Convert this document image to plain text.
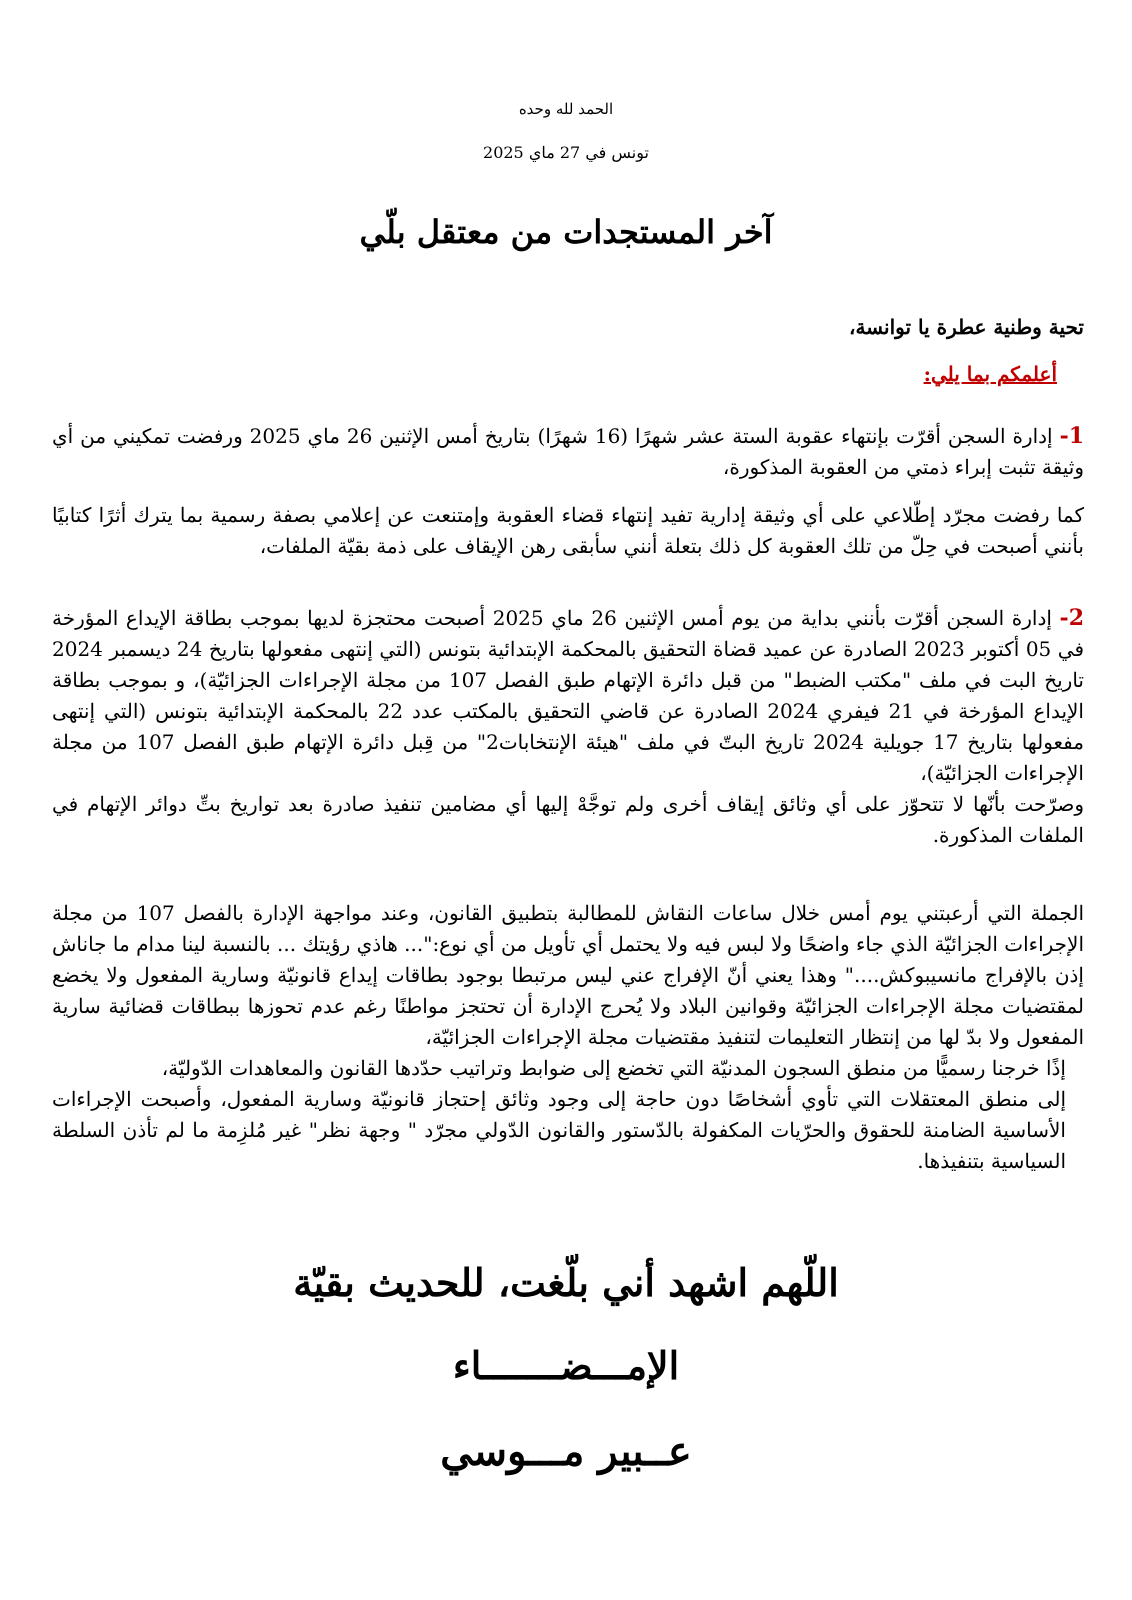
الحمد لله وحده
تونس في 27 ماي 2025
آخر المستجدات من معتقل بلّي
تحية وطنية عطرة يا توانسة،
أعلمكم بما يلي:

1- إدارة السجن أقرّت بإنتهاء عقوبة الستة عشر شهرًا (16 شهرًا) بتاريخ أمس الإثنين 26 ماي 2025 ورفضت تمكيني من أي وثيقة تثبت إبراء ذمتي من العقوبة المذكورة،

كما رفضت مجرّد إطّلاعي على أي وثيقة إدارية تفيد إنتهاء قضاء العقوبة وإمتنعت عن إعلامي بصفة رسمية بما يترك أثرًا كتابيًا بأنني أصبحت في حِلّ من تلك العقوبة كل ذلك بتعلة أنني سأبقى رهن الإيقاف على ذمة بقيّة الملفات،

2- إدارة السجن أقرّت بأنني بداية من يوم أمس الإثنين 26 ماي 2025 أصبحت محتجزة لديها بموجب بطاقة الإيداع المؤرخة في 05 أكتوبر 2023 الصادرة عن عميد قضاة التحقيق بالمحكمة الإبتدائية بتونس (التي إنتهى مفعولها بتاريخ 24 ديسمبر 2024 تاريخ البت في ملف "مكتب الضبط" من قبل دائرة الإتهام طبق الفصل 107 من مجلة الإجراءات الجزائيّة)، و بموجب بطاقة الإيداع المؤرخة في 21 فيفري 2024 الصادرة عن قاضي التحقيق بالمكتب عدد 22 بالمحكمة الإبتدائية بتونس (التي إنتهى مفعولها بتاريخ 17 جويلية 2024 تاريخ البتّ في ملف "هيئة الإنتخابات2" من قِبل دائرة الإتهام طبق الفصل 107 من مجلة الإجراءات الجزائيّة)،

وصرّحت بأنّها لا تتحوّز على أي وثائق إيقاف أخرى ولم توجَّهْ إليها أي مضامين تنفيذ صادرة بعد تواريخ بتِّ دوائر الإتهام في الملفات المذكورة.

الجملة التي أرعبتني يوم أمس خلال ساعات النقاش للمطالبة بتطبيق القانون، وعند مواجهة الإدارة بالفصل 107 من مجلة الإجراءات الجزائيّة الذي جاء واضحًا ولا لبس فيه ولا يحتمل أي تأويل من أي نوع:"... هاذي رؤيتك ... بالنسبة لينا مدام ما جاناش إذن بالإفراج مانسيبوكش...." وهذا يعني أنّ الإفراج عني ليس مرتبطا بوجود بطاقات إيداع قانونيّة وسارية المفعول ولا يخضع لمقتضيات مجلة الإجراءات الجزائيّة وقوانين البلاد ولا يُحرج الإدارة أن تحتجز مواطنًا رغم عدم تحوزها ببطاقات قضائية سارية المفعول ولا بدّ لها من إنتظار التعليمات لتنفيذ مقتضيات مجلة الإجراءات الجزائيّة،

إذًا خرجنا رسميًّا من منطق السجون المدنيّة التي تخضع إلى ضوابط وتراتيب حدّدها القانون والمعاهدات الدّوليّة،

إلى منطق المعتقلات التي تأوي أشخاصًا دون حاجة إلى وجود وثائق إحتجاز قانونيّة وسارية المفعول، وأصبحت الإجراءات الأساسية الضامنة للحقوق والحرّيات المكفولة بالدّستور والقانون الدّولي مجرّد " وجهة نظر" غير مُلزِمة ما لم تأذن السلطة السياسية بتنفيذها.

اللّهم اشهد أني بلّغت، للحديث بقيّة
الإمـــضـــــــاء
عــبير مـــوسي
